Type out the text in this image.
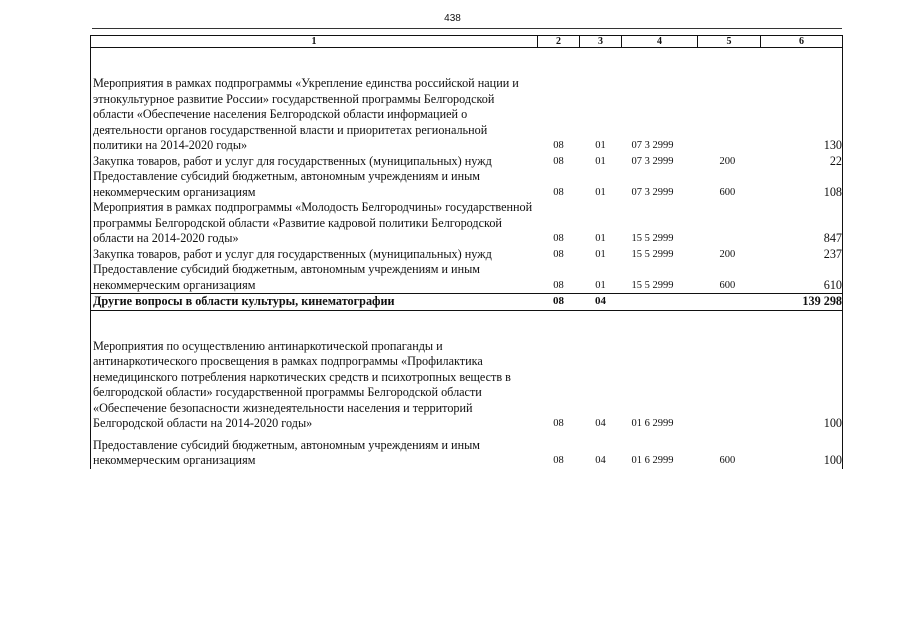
438
1	2	3	4	5	6
Мероприятия в рамках подпрограммы «Укрепление единства российской нации и этнокультурное развитие России» государственной программы Белгородской области «Обеспечение населения Белгородской области информацией о деятельности органов государственной власти и приоритетах региональной политики на 2014-2020 годы»	08	01	07 3 2999		130
Закупка товаров, работ и услуг для государственных (муниципальных) нужд	08	01	07 3 2999	200	22
Предоставление субсидий бюджетным, автономным учреждениям и иным некоммерческим организациям	08	01	07 3 2999	600	108
Мероприятия в рамках подпрограммы «Молодость Белгородчины» государственной программы Белгородской области «Развитие кадровой политики Белгородской области на 2014-2020 годы»	08	01	15 5 2999		847
Закупка товаров, работ и услуг для государственных (муниципальных) нужд	08	01	15 5 2999	200	237
Предоставление субсидий бюджетным, автономным учреждениям и иным некоммерческим организациям	08	01	15 5 2999	600	610
Другие вопросы в области культуры, кинематографии	08	04			139 298
Мероприятия по осуществлению антинаркотической пропаганды и антинаркотического просвещения в рамках подпрограммы «Профилактика немедицинского потребления наркотических средств и психотропных веществ в белгородской области» государственной программы Белгородской области «Обеспечение безопасности жизнедеятельности населения и территорий Белгородской области на 2014-2020 годы»	08	04	01 6 2999		100
Предоставление субсидий бюджетным, автономным учреждениям и иным некоммерческим организациям	08	04	01 6 2999	600	100
